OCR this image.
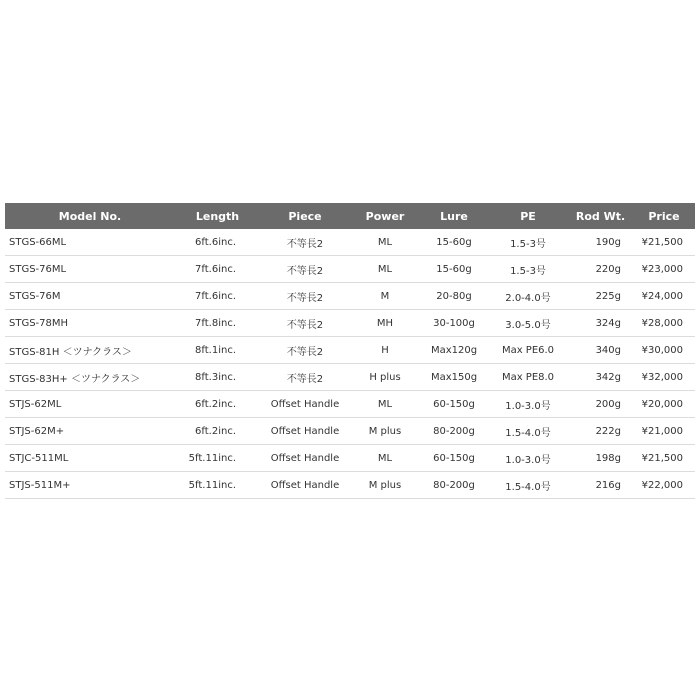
Model No.	Length	Piece	Power	Lure	PE	Rod Wt.	Price
STGS-66ML	6ft.6inc.	不等長2	ML	15-60g	1.5-3号	190g	¥21,500
STGS-76ML	7ft.6inc.	不等長2	ML	15-60g	1.5-3号	220g	¥23,000
STGS-76M	7ft.6inc.	不等長2	M	20-80g	2.0-4.0号	225g	¥24,000
STGS-78MH	7ft.8inc.	不等長2	MH	30-100g	3.0-5.0号	324g	¥28,000
STGS-81H ＜ツナクラス＞	8ft.1inc.	不等長2	H	Max120g	Max PE6.0	340g	¥30,000
STGS-83H+ ＜ツナクラス＞	8ft.3inc.	不等長2	H plus	Max150g	Max PE8.0	342g	¥32,000
STJS-62ML	6ft.2inc.	Offset Handle	ML	60-150g	1.0-3.0号	200g	¥20,000
STJS-62M+	6ft.2inc.	Offset Handle	M plus	80-200g	1.5-4.0号	222g	¥21,000
STJC-511ML	5ft.11inc.	Offset Handle	ML	60-150g	1.0-3.0号	198g	¥21,500
STJS-511M+	5ft.11inc.	Offset Handle	M plus	80-200g	1.5-4.0号	216g	¥22,000
